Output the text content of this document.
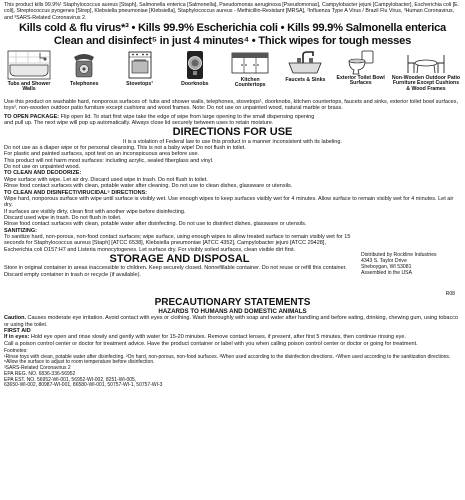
This product kills 99.9%¹ Staphylococcus aureus [Staph], Salmonella enterica [Salmonella], Pseudomonas aeruginosa [Pseudomonas], Campylobacter jejuni [Campylobacter], Escherichia coli [E. coli], Streptococcus pyogenes [Strep], Klebsiella pneumoniae [Klebsiella], Staphylococcus aureus - Methicillin-Resistant [MRSA], ²Influenza Type A Virus / Brazil Flu Virus, ³Human Coronavirus, and ³SARS-Related Coronavirus 2.
Kills cold & flu virus*³ • Kills 99.9% Escherichia coli • Kills 99.9% Salmonella enterica
Clean and disinfect⁵ in just 4 minutes⁴ • Thick wipes for tough messes
Tubs and Shower Walls
Telephones	Stovetops¹	Doorknobs
Kitchen Countertops
Faucets & Sinks Exterior Toilet Bowl Surfaces
Non-Wooden Outdoor Patio Furniture Except Cushions & Wood Frames

Use this product on washable hard, nonporous surfaces of: tubs and shower walls, telephones, stovetops¹, doorknobs, kitchen countertops, faucets and sinks, exterior toilet bowl surfaces, toys², non-wooden outdoor patio furniture except cushions and wood frames. Note: Do not use on unpainted wood, natural marble or brass.

TO OPEN PACKAGE: Flip open lid. To start first wipe take the edge of wipe from large opening to the small dispensing opening and pull up. The next wipe will pop up automatically. Always close lid securely between uses to retain moisture.

DIRECTIONS FOR USE

It is a violation of Federal law to use this product in a manner inconsistent with its labeling.

Do not use as a diaper wipe or for personal cleansing. This is not a baby wipe! Do not flush in toilet.

For plastic and painted surfaces, spot test on an inconspicuous area before use.

This product will not harm most surfaces: including acrylic, sealed fiberglass and vinyl.

Do not use on unpainted wood.

TO CLEAN AND DEODORIZE:

Wipe surface with wipe. Let air dry. Discard used wipe in trash. Do not flush in toilet.

Rinse food contact surfaces with clean, potable water after cleaning. Do not use to clean dishes, glassware or utensils.

TO CLEAN AND DISINFECT/VIRUCIDAL⁵ DIRECTIONS:

Wipe hard, nonporous surface with wipe until surface is visibly wet. Use enough wipes to keep surfaces visibly wet for 4 minutes. Allow surface to remain visibly wet for 4 minutes. Let air dry.

If surfaces are visibly dirty, clean first with another wipe before disinfecting.

Discard used wipe in trash. Do not flush in toilet.

Rinse food contact surfaces with clean, potable water after disinfecting. Do not use to disinfect dishes, glassware or utensils.

SANITIZING:

To sanitize hard, non-porous, non-food contact surfaces; wipe surface, using enough wipes to allow treated surface to remain visibly wet for 15 seconds for Staphylococcus aureus [Staph] [ATCC 6538], Klebsiella pneumoniae [ATCC 4352], Campylobacter jejuni [ATCC 29428], Escherichia coli O157:H7 and Listeria monocytogenes. Let surface dry. For visibly soiled surfaces, clean visible dirt first.

STORAGE AND DISPOSAL

Store in original container in areas inaccessible to children. Keep securely closed. Nonrefillable container. Do not reuse or refill this container. Discard empty container in trash or recycle (if available).

Distributed by Rockline Industries
4343 S. Taylor Drive
Sheboygan, WI 53081
Assembled in the USA
R08
PRECAUTIONARY STATEMENTS
HAZARDS TO HUMANS AND DOMESTIC ANIMALS

Caution. Causes moderate eye irritation. Avoid contact with eyes or clothing. Wash thoroughly with soap and water after handling and before eating, drinking, chewing gum, using tobacco or using the toilet.

FIRST AID

If in eyes: Hold eye open and rinse slowly and gently with water for 15-20 minutes. Remove contact lenses, if present, after first 5 minutes, then continue rinsing eye.

Call a poison control center or doctor for treatment advice. Have the product container or label with you when calling poison control center or doctor or going for treatment.

Footnotes:
¹Rinse toys with clean, potable water after disinfecting. ²On hard, non-porous, non-food surfaces. ³When used according to the disinfection directions. ⁴When used according to the sanitization directions. ⁵Allow the surface to adjust to room temperature before disinfection.
³SARS-Related Coronavirus 2
EPA REG. NO. 6836-336-56952
EPA EST. NO. 56952-WI-001, 56952-WI-002, 8251-WI-005,
63650-WI-002, 80987-WI-001, 86580-WI-001, 50757-WI-1, 50757-WI-3
